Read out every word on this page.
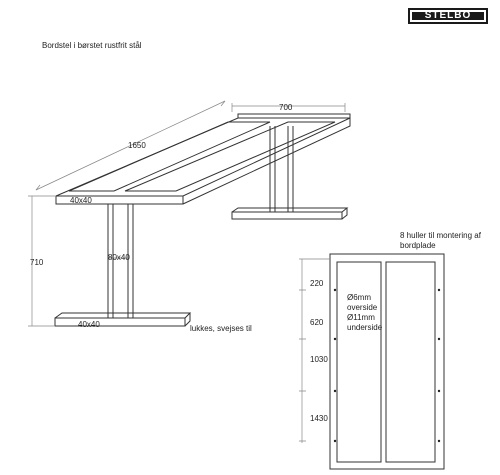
Bordstel i børstet rustfrit stål
STELBO
1650
700
710
40x40
80x40
40x40	lukkes, svejses til
8 huller til montering af
bordplade
Ø6mm
overside
Ø11mm
underside
220
620
1030
1430
